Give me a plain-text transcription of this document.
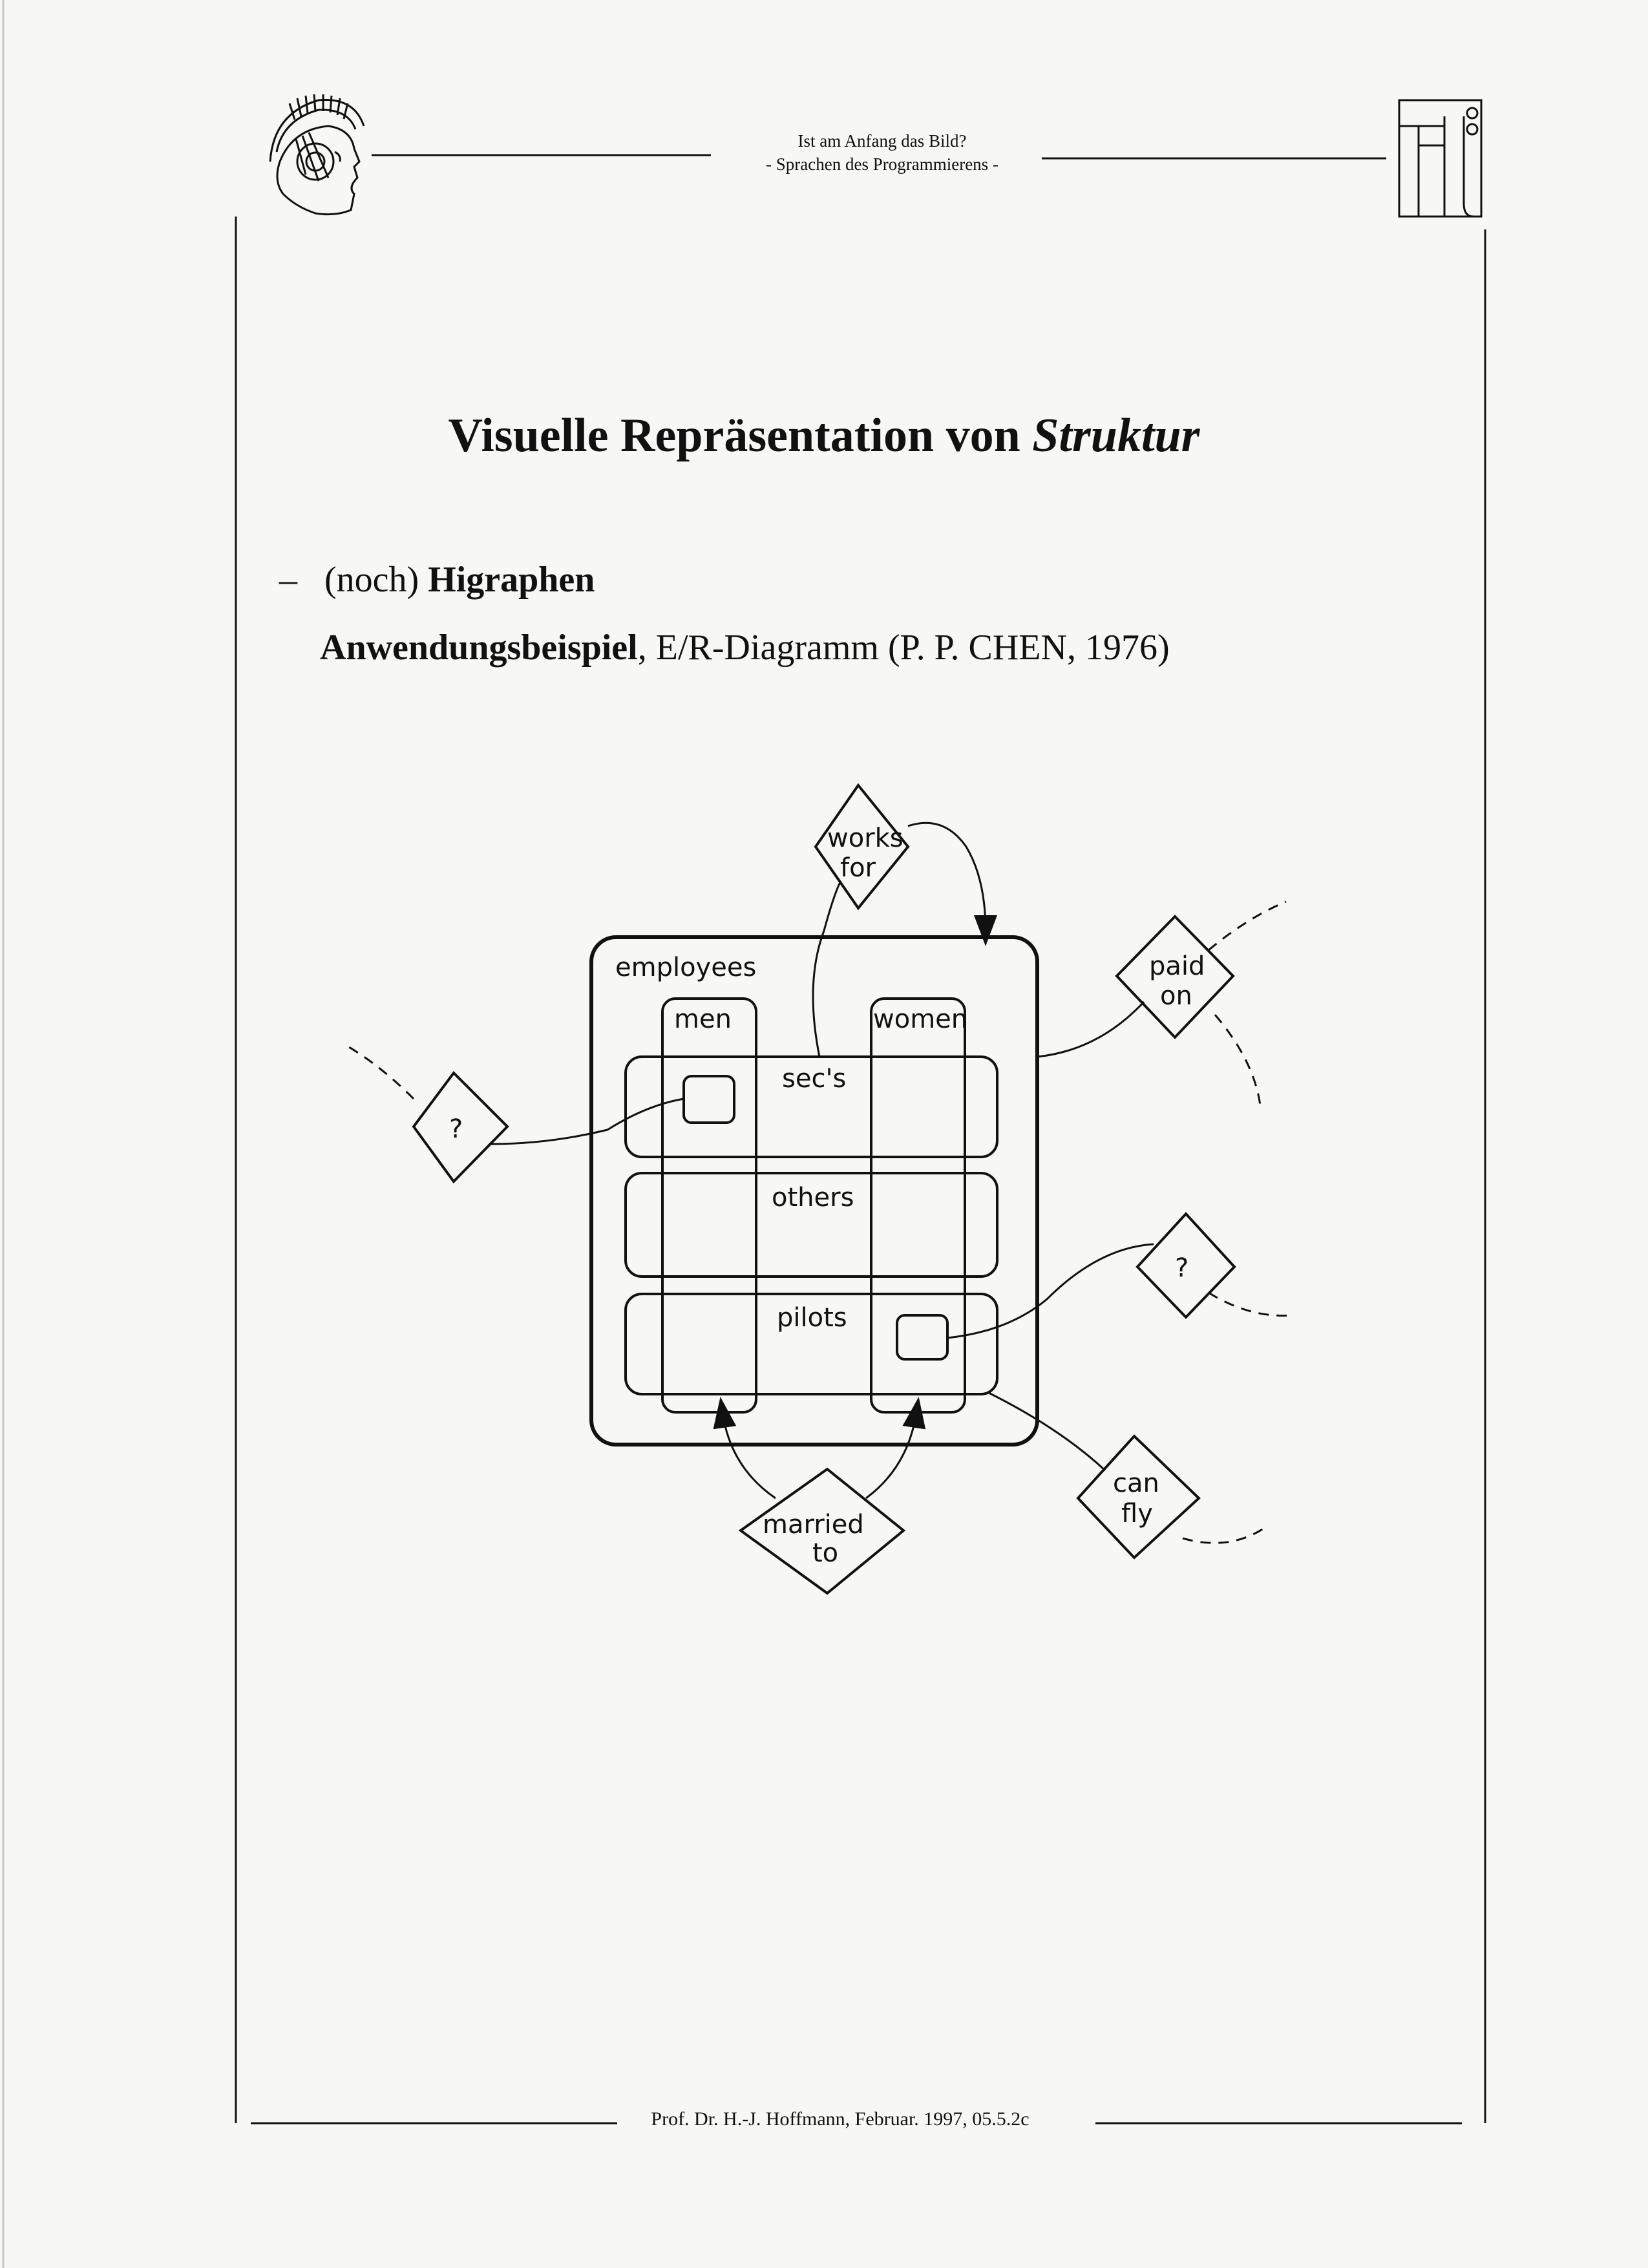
Ist am Anfang das Bild?
- Sprachen des Programmierens -
Visuelle Repräsentation von Struktur
– (noch) Higraphen
Anwendungsbeispiel, E/R-Diagramm (P. P. CHEN, 1976)
employees
men	women
sec's
others
pilots
works
for
paid
on
?
?
married
to
can
fly
Prof. Dr. H.-J. Hoffmann, Februar. 1997, 05.5.2c
